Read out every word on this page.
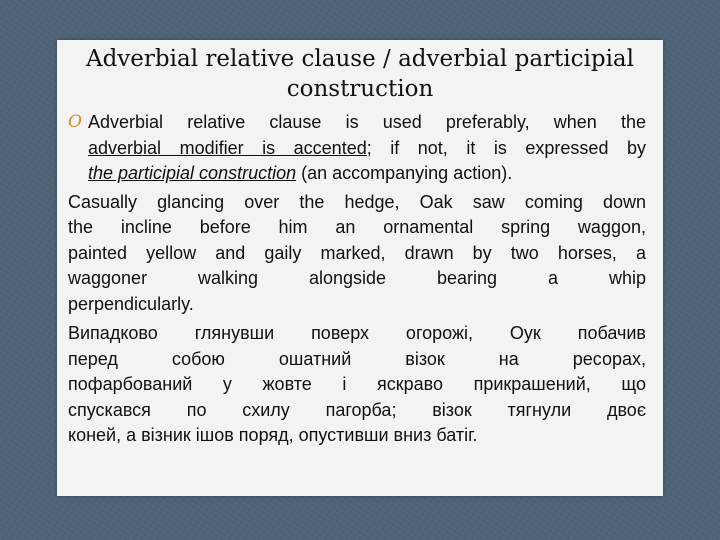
Adverbial relative clause / adverbial participial
construction
O Adverbial relative clause is used preferably, when the
adverbial modifier is accented; if not, it is expressed by
the participial construction (an accompanying action).

Casually glancing over the hedge, Oak saw coming down
the incline before him an ornamental spring waggon,
painted yellow and gaily marked, drawn by two horses, a
waggoner walking alongside bearing a whip
perpendicularly.

Випадково глянувши поверх огорожі, Оук побачив
перед собою ошатний візок на ресорах,
пофарбований у жовте і яскраво прикрашений, що
спускався по схилу пагорба; візок тягнули двоє
коней, а візник ішов поряд, опустивши вниз батіг.
